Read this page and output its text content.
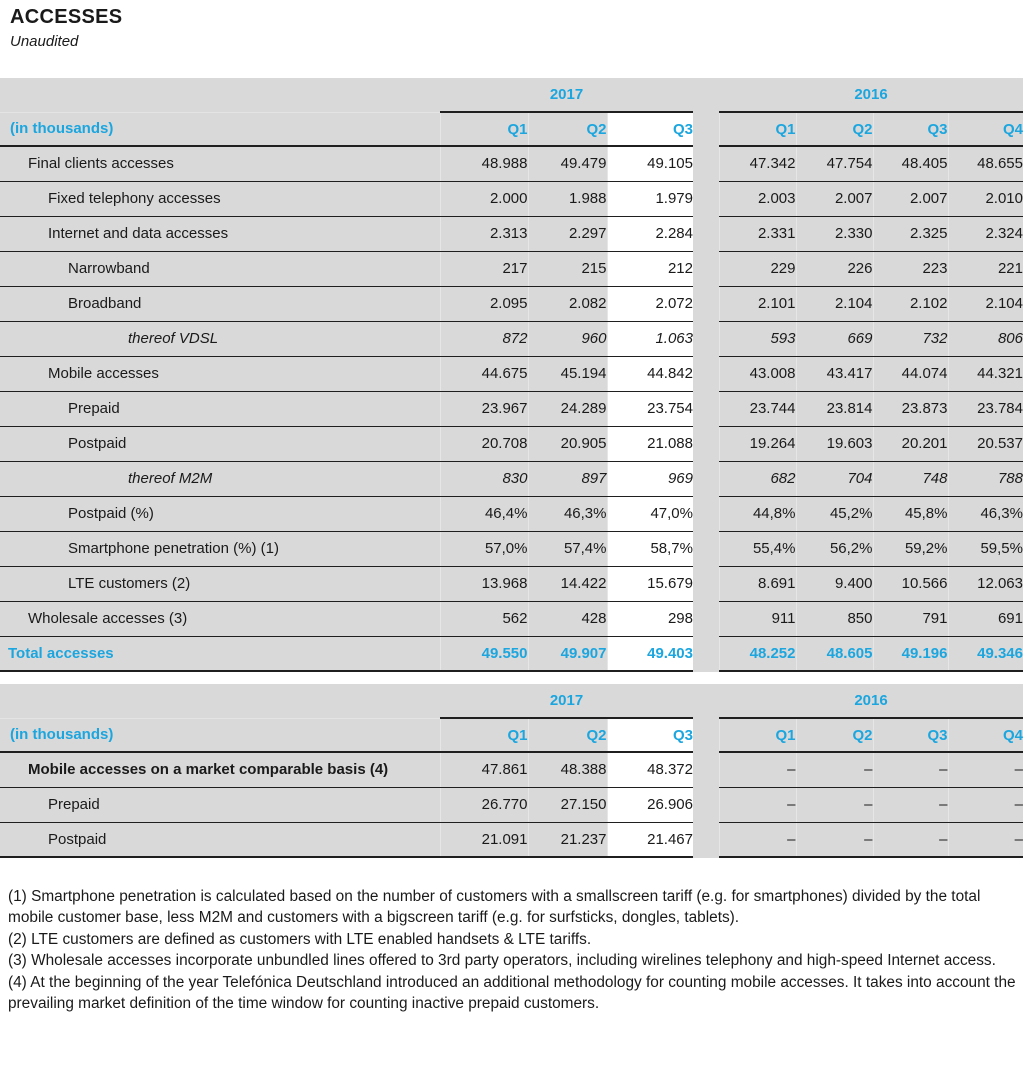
ACCESSES
Unaudited
	2017				2016			
(in thousands)	Q1	Q2	Q3		Q1	Q2	Q3	Q4
Final clients accesses	48.988	49.479	49.105		47.342	47.754	48.405	48.655
Fixed telephony accesses	2.000	1.988	1.979		2.003	2.007	2.007	2.010
Internet and data accesses	2.313	2.297	2.284		2.331	2.330	2.325	2.324
Narrowband	217	215	212		229	226	223	221
Broadband	2.095	2.082	2.072		2.101	2.104	2.102	2.104
thereof VDSL	872	960	1.063		593	669	732	806
Mobile accesses	44.675	45.194	44.842		43.008	43.417	44.074	44.321
Prepaid	23.967	24.289	23.754		23.744	23.814	23.873	23.784
Postpaid	20.708	20.905	21.088		19.264	19.603	20.201	20.537
thereof M2M	830	897	969		682	704	748	788
Postpaid (%)	46,4%	46,3%	47,0%		44,8%	45,2%	45,8%	46,3%
Smartphone penetration (%) (1)	57,0%	57,4%	58,7%		55,4%	56,2%	59,2%	59,5%
LTE customers (2)	13.968	14.422	15.679		8.691	9.400	10.566	12.063
Wholesale accesses (3)	562	428	298		911	850	791	691
Total accesses	49.550	49.907	49.403		48.252	48.605	49.196	49.346
	2017				2016			
(in thousands)	Q1	Q2	Q3		Q1	Q2	Q3	Q4
Mobile accesses on a market comparable basis (4)	47.861	48.388	48.372		–	–	–	–
Prepaid	26.770	27.150	26.906		–	–	–	–
Postpaid	21.091	21.237	21.467		–	–	–	–

(1) Smartphone penetration is calculated based on the number of customers with a smallscreen tariff (e.g. for smartphones) divided by the total mobile customer base, less M2M and customers with a bigscreen tariff (e.g. for surfsticks, dongles, tablets).

(2) LTE customers are defined as customers with LTE enabled handsets & LTE tariffs.

(3) Wholesale accesses incorporate unbundled lines offered to 3rd party operators, including wirelines telephony and high-speed Internet access.

(4) At the beginning of the year Telefónica Deutschland introduced an additional methodology for counting mobile accesses. It takes into account the prevailing market definition of the time window for counting inactive prepaid customers.
